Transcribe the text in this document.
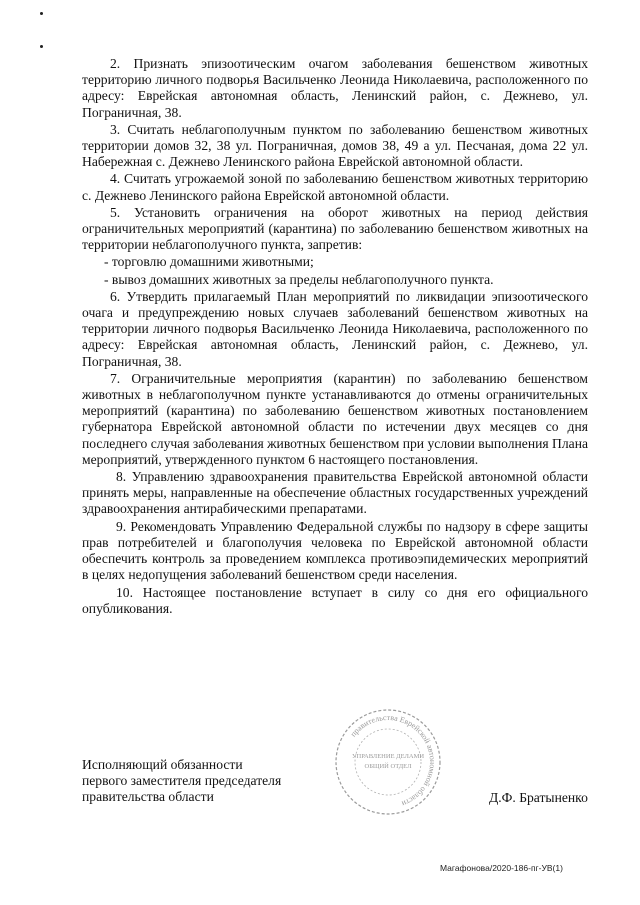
2. Признать эпизоотическим очагом заболевания бешенством животных территорию личного подворья Васильченко Леонида Николаевича, расположенного по адресу: Еврейская автономная область, Ленинский район, с. Дежнево, ул. Пограничная, 38.

3. Считать неблагополучным пунктом по заболеванию бешенством животных территории домов 32, 38 ул. Пограничная, домов 38, 49 а ул. Песчаная, дома 22 ул. Набережная с. Дежнево Ленинского района Еврейской автономной области.

4. Считать угрожаемой зоной по заболеванию бешенством животных территорию с. Дежнево Ленинского района Еврейской автономной области.

5. Установить ограничения на оборот животных на период действия ограничительных мероприятий (карантина) по заболеванию бешенством животных на территории неблагополучного пункта, запретив:

- торговлю домашними животными;

- вывоз домашних животных за пределы неблагополучного пункта.

6. Утвердить прилагаемый План мероприятий по ликвидации эпизоотического очага и предупреждению новых случаев заболеваний бешенством животных на территории личного подворья Васильченко Леонида Николаевича, расположенного по адресу: Еврейская автономная область, Ленинский район, с. Дежнево, ул. Пограничная, 38.

7. Ограничительные мероприятия (карантин) по заболеванию бешенством животных в неблагополучном пункте устанавливаются до отмены ограничительных мероприятий (карантина) по заболеванию бешенством животных постановлением губернатора Еврейской автономной области по истечении двух месяцев со дня последнего случая заболевания животных бешенством при условии выполнения Плана мероприятий, утвержденного пунктом 6 настоящего постановления.

8. Управлению здравоохранения правительства Еврейской автономной области принять меры, направленные на обеспечение областных государственных учреждений здравоохранения антирабическими препаратами.

9. Рекомендовать Управлению Федеральной службы по надзору в сфере защиты прав потребителей и благополучия человека по Еврейской автономной области обеспечить контроль за проведением комплекса противоэпидемических мероприятий в целях недопущения заболеваний бешенством среди населения.

10. Настоящее постановление вступает в силу со дня его официального опубликования.

Исполняющий обязанности
первого заместителя председателя
правительства области
правительства Еврейской автономной области
УПРАВЛЕНИЕ ДЕЛАМИ
ОБЩИЙ ОТДЕЛ
Д.Ф. Братыненко
Магафонова/2020-186-пг-УВ(1)
